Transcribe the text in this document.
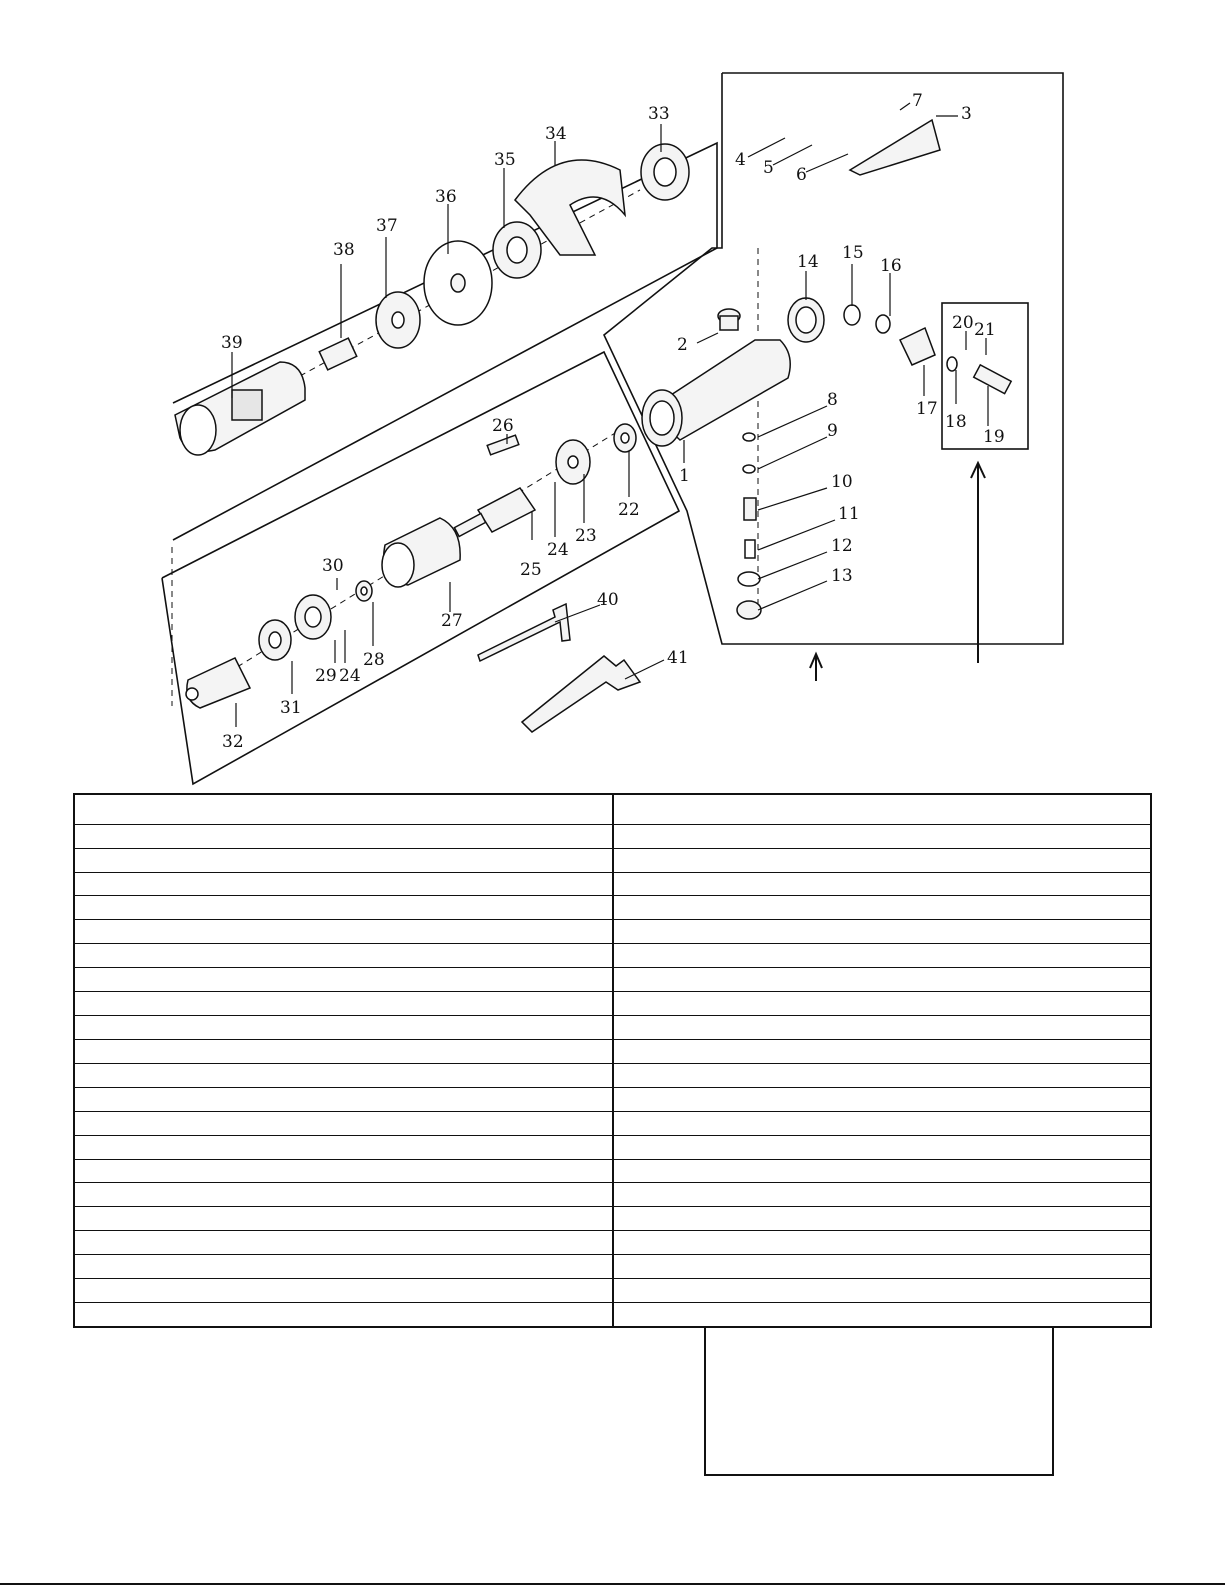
1
2
3
4 5 6
7
8
9
10
11
12
13
14 15
16
17
18
19
20 21
22
23
24
24
25
26
27
28
29
30
31
32
33
34
35
36
37
38
39
40
41
